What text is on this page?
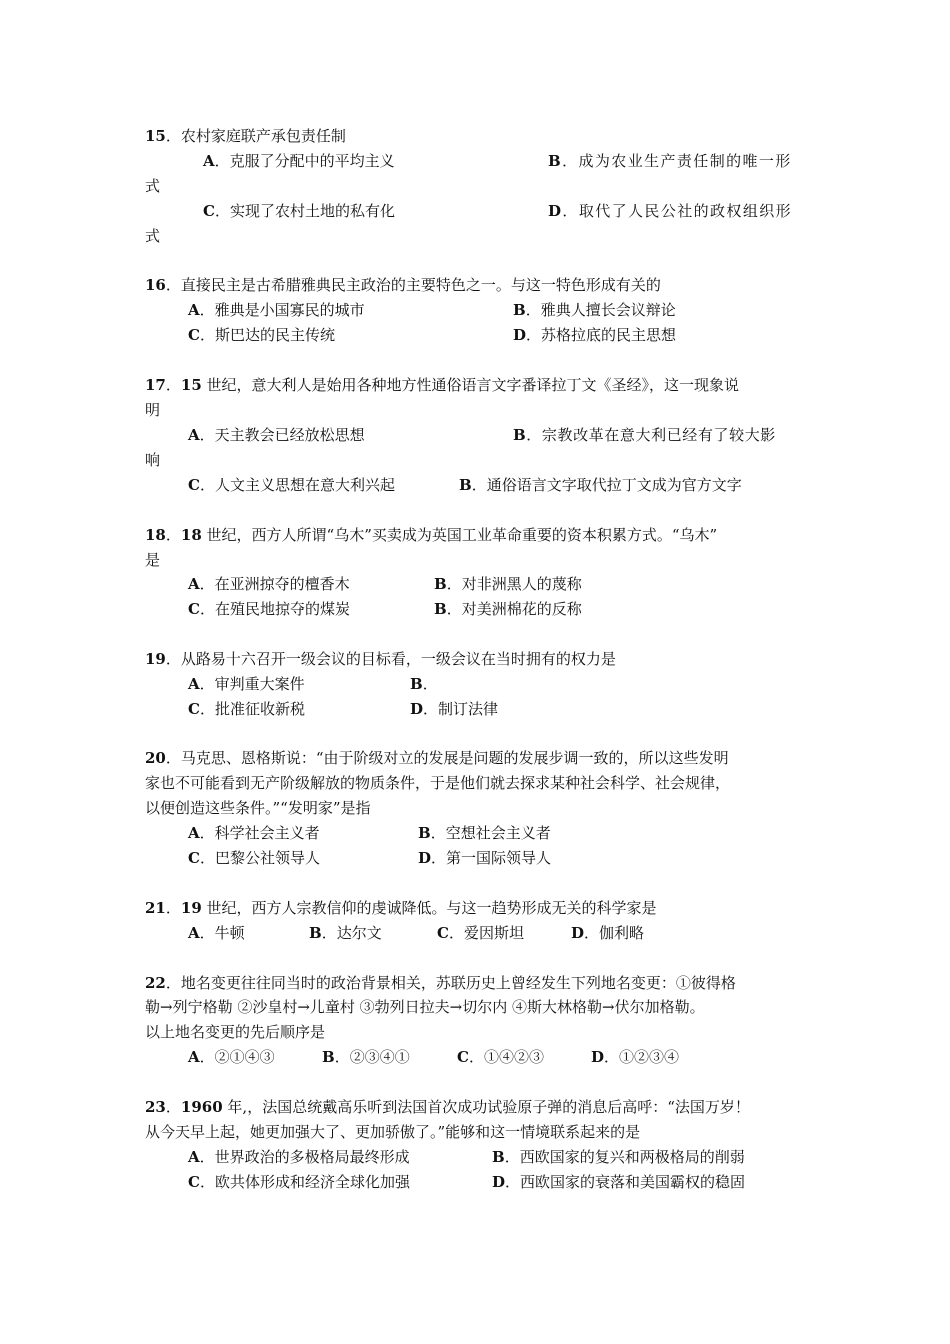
15．农村家庭联产承包责任制
A．克服了分配中的平均主义	B．成为农业生产责任制的唯一形
式
C．实现了农村土地的私有化	D．取代了人民公社的政权组织形
式
16．直接民主是古希腊雅典民主政治的主要特色之一。与这一特色形成有关的
A．雅典是小国寡民的城市	B．雅典人擅长会议辩论
C．斯巴达的民主传统	D．苏格拉底的民主思想
17．15 世纪，意大利人是始用各种地方性通俗语言文字番译拉丁文《圣经》，这一现象说
明
A．天主教会已经放松思想	B．宗教改革在意大利已经有了较大影
响
C．人文主义思想在意大利兴起	B．通俗语言文字取代拉丁文成为官方文字
18．18 世纪，西方人所谓“乌木”买卖成为英国工业革命重要的资本积累方式。“乌木”
是
A．在亚洲掠夺的檀香木	B．对非洲黑人的蔑称
C．在殖民地掠夺的煤炭	B．对美洲棉花的反称
19．从路易十六召开一级会议的目标看，一级会议在当时拥有的权力是
A．审判重大案件	B．
C．批准征收新税	D．制订法律
20．马克思、恩格斯说：“由于阶级对立的发展是问题的发展步调一致的，所以这些发明
家也不可能看到无产阶级解放的物质条件，于是他们就去探求某种社会科学、社会规律，
以便创造这些条件。”“发明家”是指
A．科学社会主义者	B．空想社会主义者
C．巴黎公社领导人	D．第一国际领导人
21．19 世纪，西方人宗教信仰的虔诚降低。与这一趋势形成无关的科学家是
A．牛顿	B．达尔文	C．爱因斯坦	D．伽利略
22．地名变更往往同当时的政治背景相关，苏联历史上曾经发生下列地名变更：①彼得格
勒→列宁格勒 ②沙皇村→儿童村 ③勃列日拉夫→切尔内 ④斯大林格勒→伏尔加格勒。
以上地名变更的先后顺序是
A．②①④③	B．②③④①	C．①④②③	D．①②③④
23．1960 年,，法国总统戴高乐听到法国首次成功试验原子弹的消息后高呼：“法国万岁！
从今天早上起，她更加强大了、更加骄傲了。”能够和这一情境联系起来的是
A．世界政治的多极格局最终形成	B．西欧国家的复兴和两极格局的削弱
C．欧共体形成和经济全球化加强	D．西欧国家的衰落和美国霸权的稳固
